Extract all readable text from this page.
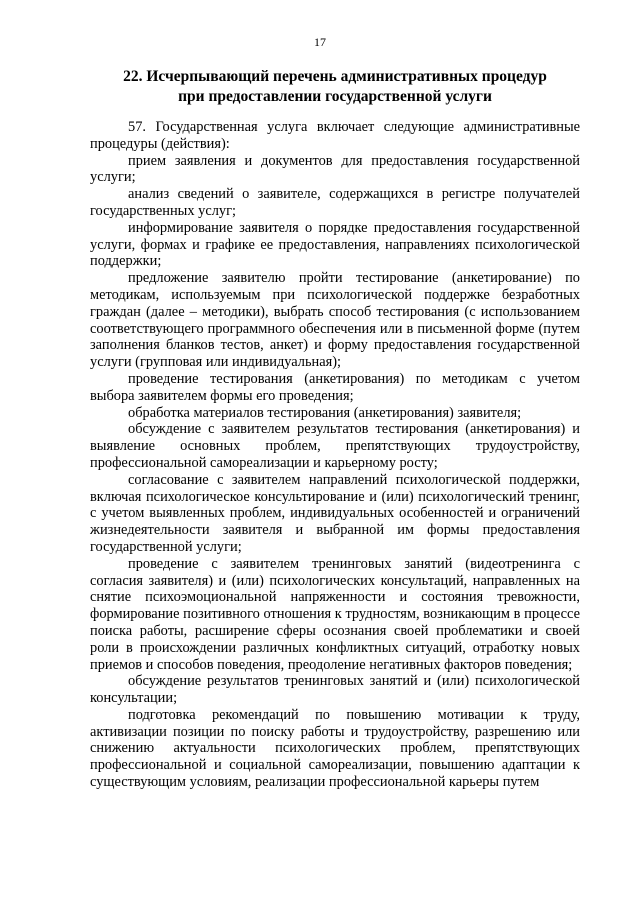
17
22. Исчерпывающий перечень административных процедур
при предоставлении государственной услуги

57. Государственная услуга включает следующие административные процедуры (действия):

прием заявления и документов для предоставления государственной услуги;

анализ сведений о заявителе, содержащихся в регистре получателей государственных услуг;

информирование заявителя о порядке предоставления государственной услуги, формах и графике ее предоставления, направлениях психологической поддержки;

предложение заявителю пройти тестирование (анкетирование) по методикам, используемым при психологической поддержке безработных граждан (далее – методики), выбрать способ тестирования (с использованием соответствующего программного обеспечения или в письменной форме (путем заполнения бланков тестов, анкет) и форму предоставления государственной услуги (групповая или индивидуальная);

проведение тестирования (анкетирования) по методикам с учетом выбора заявителем формы его проведения;

обработка материалов тестирования (анкетирования) заявителя;

обсуждение с заявителем результатов тестирования (анкетирования) и выявление основных проблем, препятствующих трудоустройству, профессиональной самореализации и карьерному росту;

согласование с заявителем направлений психологической поддержки, включая психологическое консультирование и (или) психологический тренинг, с учетом выявленных проблем, индивидуальных особенностей и ограничений жизнедеятельности заявителя и выбранной им формы предоставления государственной услуги;

проведение с заявителем тренинговых занятий (видеотренинга с согласия заявителя) и (или) психологических консультаций, направленных на снятие психоэмоциональной напряженности и состояния тревожности, формирование позитивного отношения к трудностям, возникающим в процессе поиска работы, расширение сферы осознания своей проблематики и своей роли в происхождении различных конфликтных ситуаций, отработку новых приемов и способов поведения, преодоление негативных факторов поведения;

обсуждение результатов тренинговых занятий и (или) психологической консультации;

подготовка рекомендаций по повышению мотивации к труду, активизации позиции по поиску работы и трудоустройству, разрешению или снижению актуальности психологических проблем, препятствующих профессиональной и социальной самореализации, повышению адаптации к существующим условиям, реализации профессиональной карьеры путем
